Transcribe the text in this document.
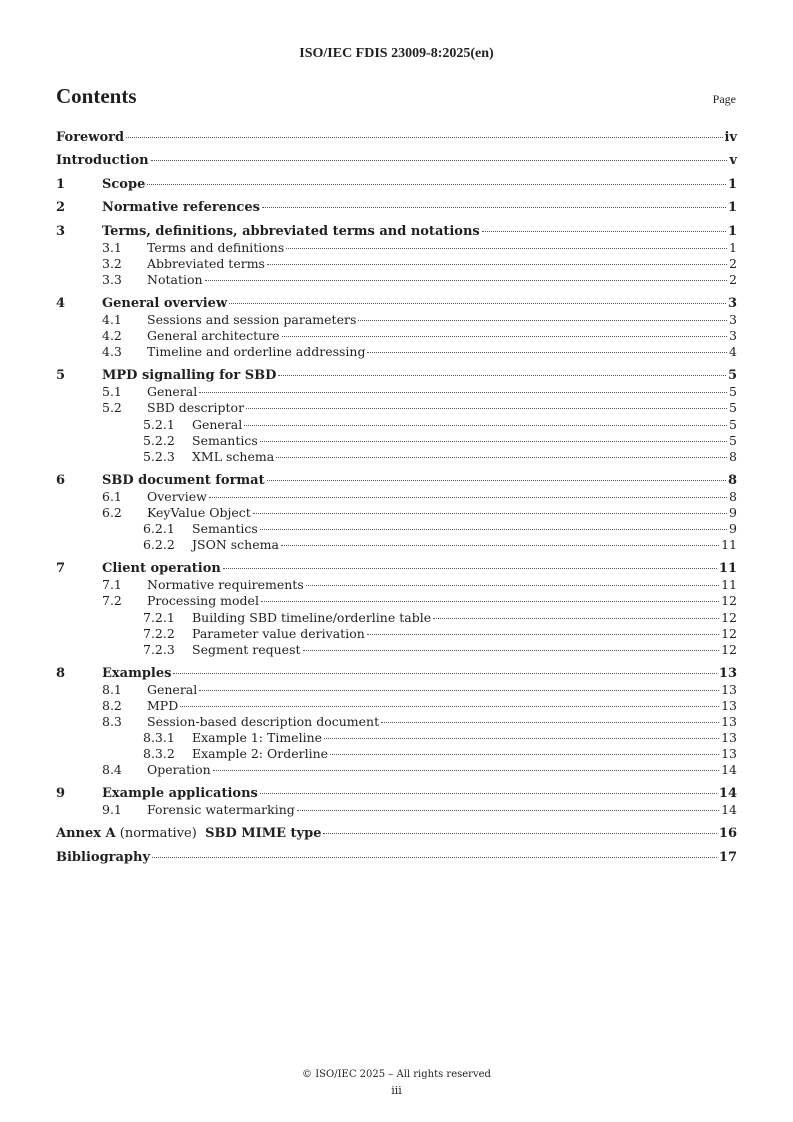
ISO/IEC FDIS 23009-8:2025(en)
Contents	Page
Foreword	iv
Introduction	v
1	Scope	1
2	Normative references	1
3	Terms, definitions, abbreviated terms and notations	1
3.1 Terms and definitions	1
3.2 Abbreviated terms	2
3.3 Notation	2
4	General overview	3
4.1 Sessions and session parameters	3
4.2 General architecture	3
4.3 Timeline and orderline addressing	4
5	MPD signalling for SBD	5
5.1 General	5
5.2 SBD descriptor	5
5.2.1 General	5
5.2.2 Semantics	5
5.2.3 XML schema	8
6	SBD document format	8
6.1 Overview	8
6.2 KeyValue Object	9
6.2.1 Semantics	9
6.2.2 JSON schema	11
7	Client operation	11
7.1 Normative requirements	11
7.2 Processing model	12
7.2.1 Building SBD timeline/orderline table	12
7.2.2 Parameter value derivation	12
7.2.3 Segment request	12
8	Examples	13
8.1 General	13
8.2 MPD	13
8.3 Session-based description document	13
8.3.1 Example 1: Timeline	13
8.3.2 Example 2: Orderline	13
8.4 Operation	14
9	Example applications	14
9.1 Forensic watermarking	14
Annex A (normative)  SBD MIME type	16
Bibliography	17
© ISO/IEC 2025 – All rights reserved
iii
